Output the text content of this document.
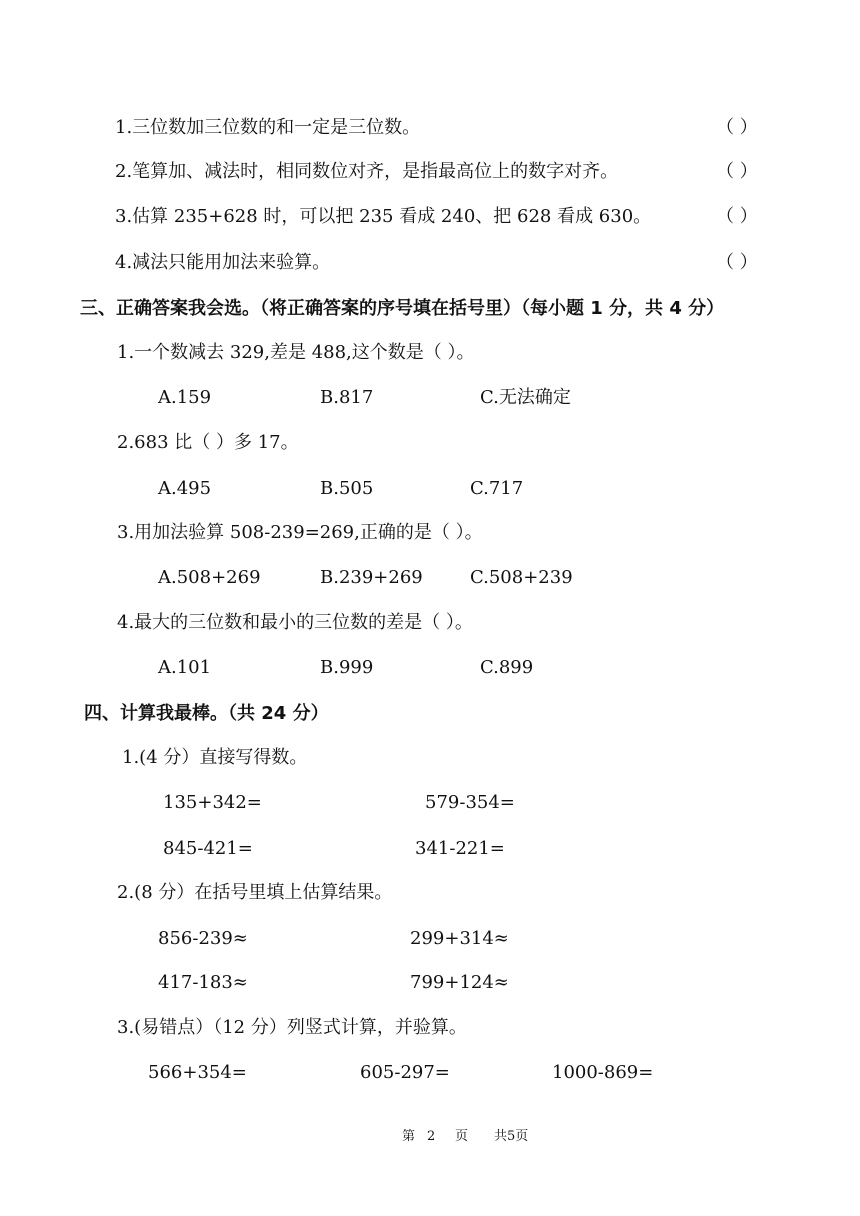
1.三位数加三位数的和一定是三位数。	（ ）
2.笔算加、减法时，相同数位对齐，是指最高位上的数字对齐。	（ ）
3.估算 235+628 时，可以把 235 看成 240、把 628 看成 630。	（ ）
4.减法只能用加法来验算。	（ ）
三、正确答案我会选。（将正确答案的序号填在括号里）（每小题 1 分，共 4 分）
1.一个数减去 329,差是 488,这个数是（ ）。
A.159	B.817	C.无法确定
2.683 比（ ）多 17。
A.495	B.505	C.717
3.用加法验算 508-239=269,正确的是（ ）。
A.508+269	B.239+269	C.508+239
4.最大的三位数和最小的三位数的差是（ ）。
A.101	B.999	C.899
四、计算我最棒。（共 24 分）
1.(4 分）直接写得数。
135+342=	579-354=
845-421=	341-221=
2.(8 分）在括号里填上估算结果。
856-239≈	299+314≈
417-183≈	799+124≈
3.(易错点）（12 分）列竖式计算，并验算。
566+354=	605-297=	1000-869=
第 2 页 共5页
